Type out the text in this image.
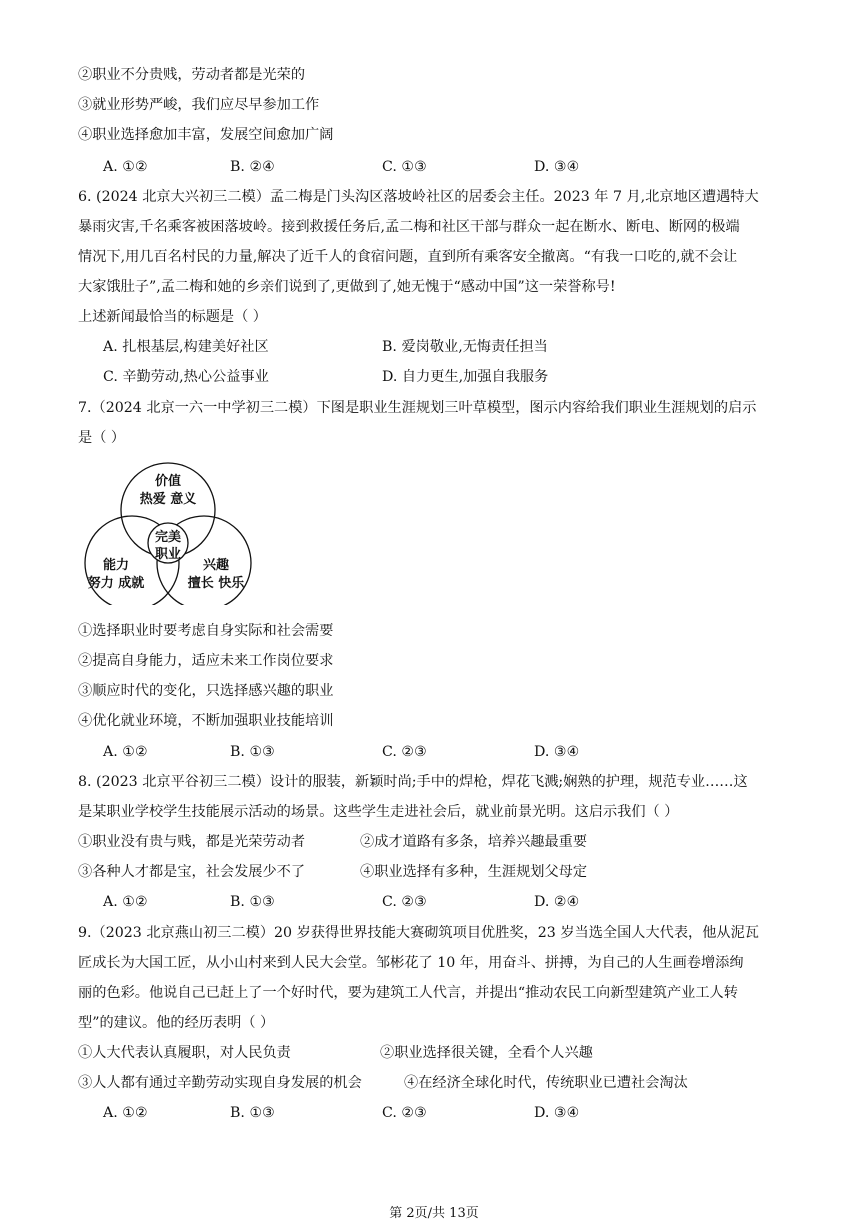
②职业不分贵贱，劳动者都是光荣的
③就业形势严峻，我们应尽早参加工作
④职业选择愈加丰富，发展空间愈加广阔
A. ①②	B. ②④	C. ①③	D. ③④
6. (2024 北京大兴初三二模）孟二梅是门头沟区落坡岭社区的居委会主任。2023 年 7 月,北京地区遭遇特大
暴雨灾害,千名乘客被困落坡岭。接到救援任务后,孟二梅和社区干部与群众一起在断水、断电、断网的极端
情况下,用几百名村民的力量,解决了近千人的食宿问题，直到所有乘客安全撤离。“有我一口吃的,就不会让
大家饿肚子”,孟二梅和她的乡亲们说到了,更做到了,她无愧于“感动中国”这一荣誉称号!
上述新闻最恰当的标题是（ ）
A. 扎根基层,构建美好社区	B. 爱岗敬业,无悔责任担当
C. 辛勤劳动,热心公益事业	D. 自力更生,加强自我服务
7.（2024 北京一六一中学初三二模）下图是职业生涯规划三叶草模型，图示内容给我们职业生涯规划的启示
是（ ）
价值
热爱 意义
能力
努力 成就
兴趣
擅长 快乐
完美
职业
①选择职业时要考虑自身实际和社会需要
②提高自身能力，适应未来工作岗位要求
③顺应时代的变化，只选择感兴趣的职业
④优化就业环境，不断加强职业技能培训
A. ①②	B. ①③	C. ②③	D. ③④
8. (2023 北京平谷初三二模）设计的服装，新颖时尚;手中的焊枪，焊花飞溅;娴熟的护理，规范专业……这
是某职业学校学生技能展示活动的场景。这些学生走进社会后，就业前景光明。这启示我们（ ）
①职业没有贵与贱，都是光荣劳动者	②成才道路有多条，培养兴趣最重要
③各种人才都是宝，社会发展少不了	④职业选择有多种，生涯规划父母定
A. ①②	B. ①③	C. ②③	D. ②④
9.（2023 北京燕山初三二模）20 岁获得世界技能大赛砌筑项目优胜奖，23 岁当选全国人大代表，他从泥瓦
匠成长为大国工匠，从小山村来到人民大会堂。邹彬花了 10 年，用奋斗、拼搏，为自己的人生画卷增添绚
丽的色彩。他说自己已赶上了一个好时代，要为建筑工人代言，并提出“推动农民工向新型建筑产业工人转
型”的建议。他的经历表明（ ）
①人大代表认真履职，对人民负责	②职业选择很关键，全看个人兴趣
③人人都有通过辛勤劳动实现自身发展的机会	④在经济全球化时代，传统职业已遭社会淘汰
A. ①②	B. ①③	C. ②③	D. ③④
第 2页/共 13页
